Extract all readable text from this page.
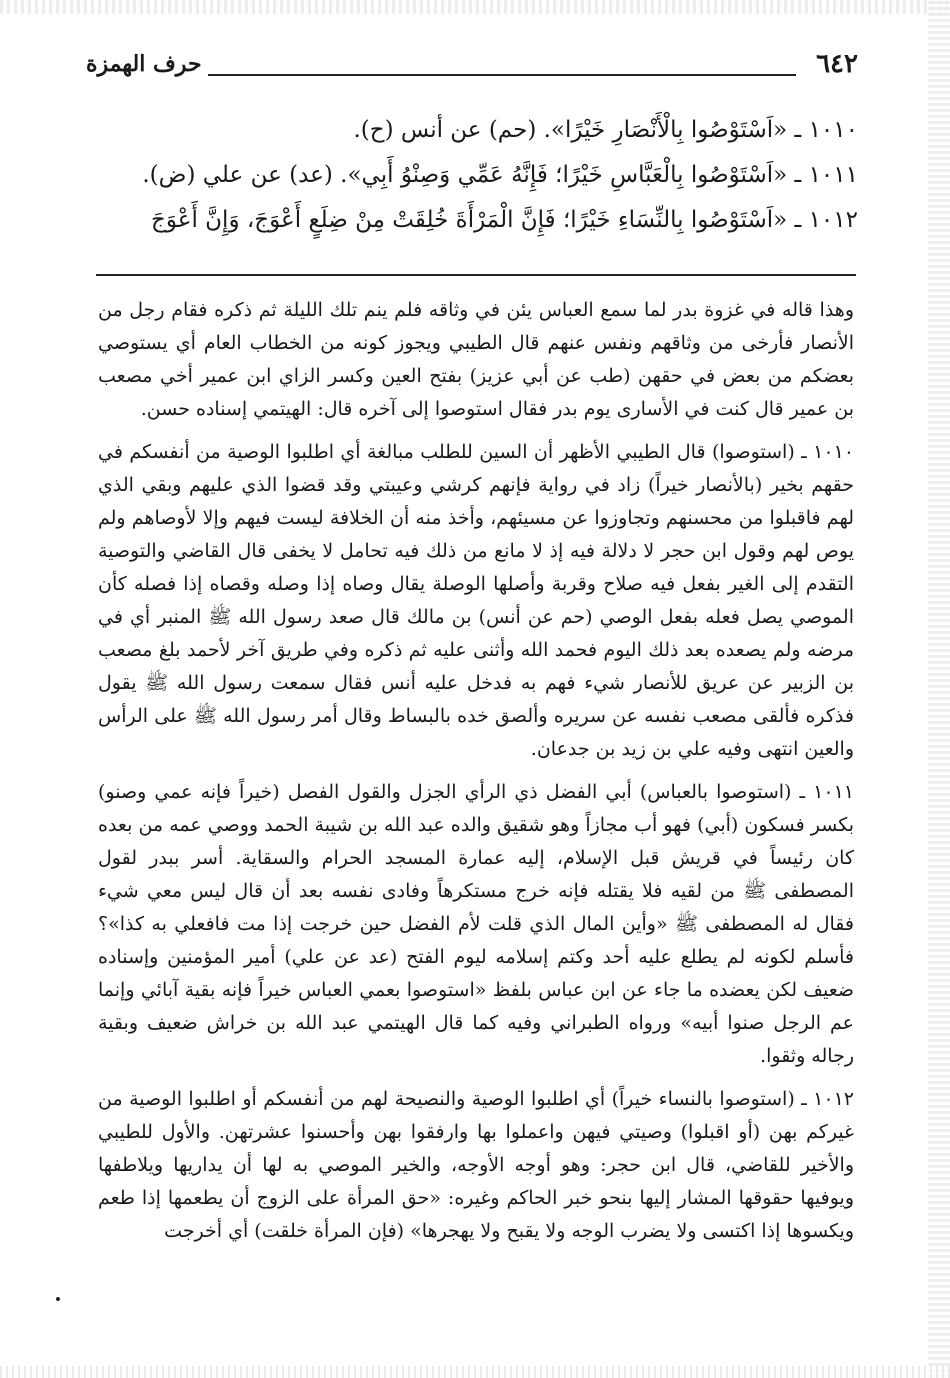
٦٤٢
حرف الهمزة
١٠١٠ ـ «اَسْتَوْصُوا بِالْأَنْصَارِ خَيْرًا». (حم) عن أنس (ح).
١٠١١ ـ «اَسْتَوْصُوا بِالْعَبَّاسِ خَيْرًا؛ فَإِنَّهُ عَمِّي وَصِنْوُ أَبِي». (عد) عن علي (ض).
١٠١٢ ـ «اَسْتَوْصُوا بِالنِّسَاءِ خَيْرًا؛ فَإِنَّ الْمَرْأَةَ خُلِقَتْ مِنْ ضِلَعٍ أَعْوَجَ، وَإِنَّ أَعْوَجَ

وهذا قاله في غزوة بدر لما سمع العباس يئن في وثاقه فلم ينم تلك الليلة ثم ذكره فقام رجل من الأنصار فأرخى من وثاقهم ونفس عنهم قال الطيبي ويجوز كونه من الخطاب العام أي يستوصي بعضكم من بعض في حقهن (طب عن أبي عزيز) بفتح العين وكسر الزاي ابن عمير أخي مصعب بن عمير قال كنت في الأسارى يوم بدر فقال استوصوا إلى آخره قال: الهيتمي إسناده حسن.

١٠١٠ ـ (استوصوا) قال الطيبي الأظهر أن السين للطلب مبالغة أي اطلبوا الوصية من أنفسكم في حقهم بخير (بالأنصار خيراً) زاد في رواية فإنهم كرشي وعيبتي وقد قضوا الذي عليهم وبقي الذي لهم فاقبلوا من محسنهم وتجاوزوا عن مسيئهم، وأخذ منه أن الخلافة ليست فيهم وإلا لأوصاهم ولم يوص لهم وقول ابن حجر لا دلالة فيه إذ لا مانع من ذلك فيه تحامل لا يخفى قال القاضي والتوصية التقدم إلى الغير بفعل فيه صلاح وقربة وأصلها الوصلة يقال وصاه إذا وصله وقصاه إذا فصله كأن الموصي يصل فعله بفعل الوصي (حم عن أنس) بن مالك قال صعد رسول الله ﷺ المنبر أي في مرضه ولم يصعده بعد ذلك اليوم فحمد الله وأثنى عليه ثم ذكره وفي طريق آخر لأحمد بلغ مصعب بن الزبير عن عريق للأنصار شيء فهم به فدخل عليه أنس فقال سمعت رسول الله ﷺ يقول فذكره فألقى مصعب نفسه عن سريره وألصق خده بالبساط وقال أمر رسول الله ﷺ على الرأس والعين انتهى وفيه علي بن زيد بن جدعان.

١٠١١ ـ (استوصوا بالعباس) أبي الفضل ذي الرأي الجزل والقول الفصل (خيراً فإنه عمي وصنو) بكسر فسكون (أبي) فهو أب مجازاً وهو شقيق والده عبد الله بن شيبة الحمد ووصي عمه من بعده كان رئيساً في قريش قبل الإسلام، إليه عمارة المسجد الحرام والسقاية. أسر ببدر لقول المصطفى ﷺ من لقيه فلا يقتله فإنه خرج مستكرهاً وفادى نفسه بعد أن قال ليس معي شيء فقال له المصطفى ﷺ «وأين المال الذي قلت لأم الفضل حين خرجت إذا مت فافعلي به كذا»؟ فأسلم لكونه لم يطلع عليه أحد وكتم إسلامه ليوم الفتح (عد عن علي) أمير المؤمنين وإسناده ضعيف لكن يعضده ما جاء عن ابن عباس بلفظ «استوصوا بعمي العباس خيراً فإنه بقية آبائي وإنما عم الرجل صنوا أبيه» ورواه الطبراني وفيه كما قال الهيتمي عبد الله بن خراش ضعيف وبقية رجاله وثقوا.

١٠١٢ ـ (استوصوا بالنساء خيراً) أي اطلبوا الوصية والنصيحة لهم من أنفسكم أو اطلبوا الوصية من غيركم بهن (أو اقبلوا) وصيتي فيهن واعملوا بها وارفقوا بهن وأحسنوا عشرتهن. والأول للطيبي والأخير للقاضي، قال ابن حجر: وهو أوجه الأوجه، والخير الموصي به لها أن يداريها ويلاطفها ويوفيها حقوقها المشار إليها بنحو خبر الحاكم وغيره: «حق المرأة على الزوج أن يطعمها إذا طعم ويكسوها إذا اكتسى ولا يضرب الوجه ولا يقبح ولا يهجرها» (فإن المرأة خلقت) أي أخرجت
